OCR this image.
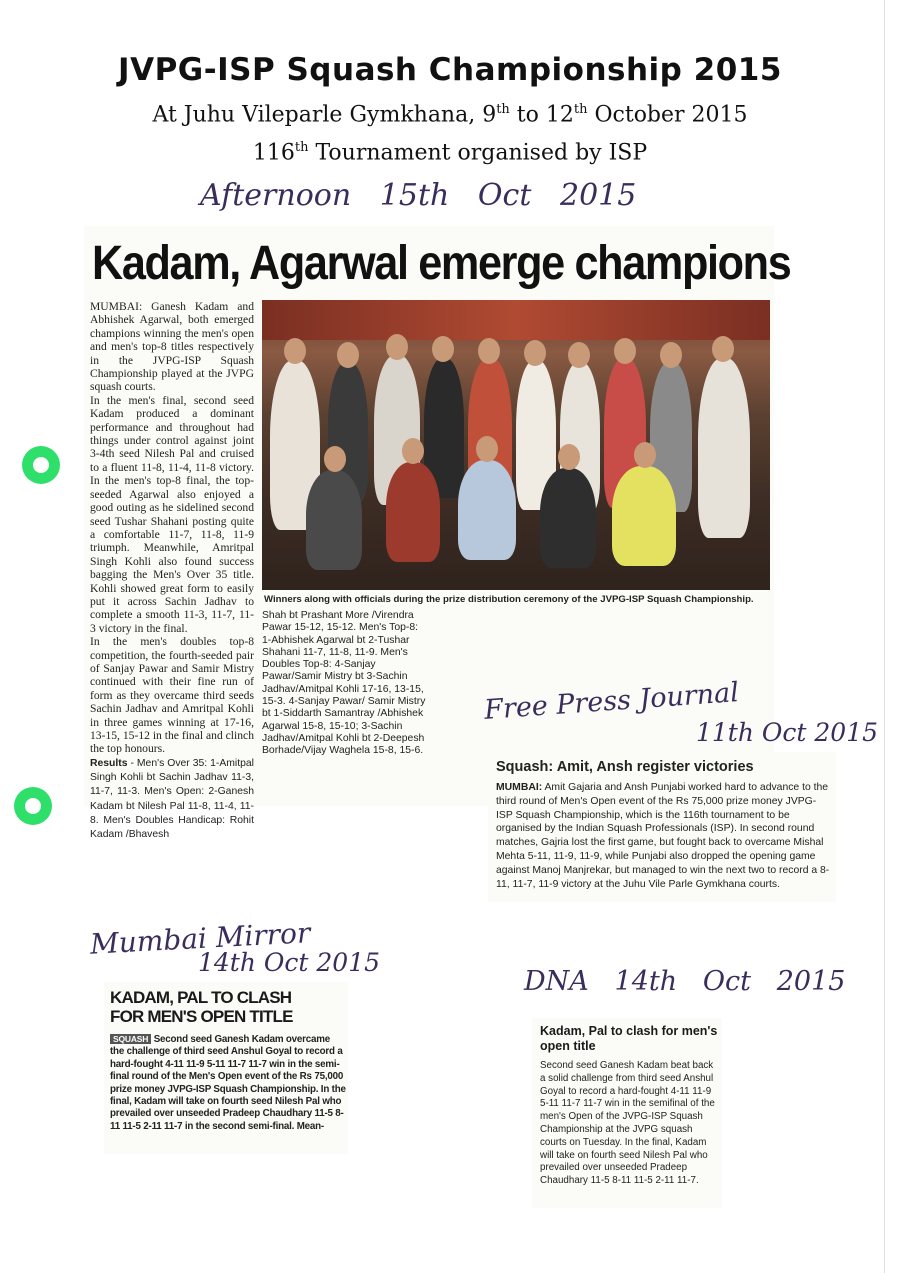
JVPG-ISP Squash Championship 2015
At Juhu Vileparle Gymkhana, 9th to 12th October 2015
116th Tournament organised by ISP
Afternoon   15th   Oct   2015
Kadam, Agarwal emerge champions
MUMBAI: Ganesh Kadam and Abhishek Agarwal, both emerged champions winning the men's open and men's top-8 titles respectively in the JVPG-ISP Squash Championship played at the JVPG squash courts.
In the men's final, second seed Kadam produced a dominant performance and throughout had things under control against joint 3-4th seed Nilesh Pal and cruised to a fluent 11-8, 11-4, 11-8 victory. In the men's top-8 final, the top-seeded Agarwal also enjoyed a good outing as he sidelined second seed Tushar Shahani posting quite a comfortable 11-7, 11-8, 11-9 triumph. Meanwhile, Amritpal Singh Kohli also found success bagging the Men's Over 35 title. Kohli showed great form to easily put it across Sachin Jadhav to complete a smooth 11-3, 11-7, 11-3 victory in the final.
In the men's doubles top-8 competition, the fourth-seeded pair of Sanjay Pawar and Samir Mistry continued with their fine run of form as they overcame third seeds Sachin Jadhav and Amritpal Kohli in three games winning at 17-16, 13-15, 15-12 in the final and clinch the top honours.
Results - Men's Over 35: 1-Amitpal Singh Kohli bt Sachin Jadhav 11-3, 11-7, 11-3. Men's Open: 2-Ganesh Kadam bt Nilesh Pal 11-8, 11-4, 11-8. Men's Doubles Handicap: Rohit Kadam /Bhavesh
Winners along with officials during the prize distribution ceremony of the JVPG-ISP Squash Championship.
Shah bt Prashant More /Virendra Pawar 15-12, 15-12. Men's Top-8: 1-Abhishek Agarwal bt 2-Tushar Shahani 11-7, 11-8, 11-9. Men's Doubles Top-8: 4-Sanjay Pawar/Samir Mistry bt 3-Sachin Jadhav/Amitpal Kohli 17-16, 13-15, 15-3. 4-Sanjay Pawar/ Samir Mistry bt 1-Siddarth Samantray /Abhishek Agarwal 15-8, 15-10; 3-Sachin Jadhav/Amitpal Kohli bt 2-Deepesh Borhade/Vijay Waghela 15-8, 15-6.
Free Press Journal
11th Oct 2015
Squash: Amit, Ansh register victories
MUMBAI: Amit Gajaria and Ansh Punjabi worked hard to advance to the third round of Men's Open event of the Rs 75,000 prize money JVPG-ISP Squash Championship, which is the 116th tournament to be organised by the Indian Squash Professionals (ISP). In second round matches, Gajria lost the first game, but fought back to overcame Mishal Mehta 5-11, 11-9, 11-9, while Punjabi also dropped the opening game against Manoj Manjrekar, but managed to win the next two to record a 8-11, 11-7, 11-9 victory at the Juhu Vile Parle Gymkhana courts.
Mumbai Mirror
14th Oct 2015
KADAM, PAL TO CLASH
FOR MEN'S OPEN TITLE
SQUASH Second seed Ganesh Kadam overcame the challenge of third seed Anshul Goyal to record a hard-fought 4-11 11-9 5-11 11-7 11-7 win in the semi-final round of the Men's Open event of the Rs 75,000 prize money JVPG-ISP Squash Championship. In the final, Kadam will take on fourth seed Nilesh Pal who prevailed over unseeded Pradeep Chaudhary 11-5 8-11 11-5 2-11 11-7 in the second semi-final. Mean-
DNA   14th   Oct   2015
Kadam, Pal to clash for men's open title
Second seed Ganesh Kadam beat back a solid challenge from third seed Anshul Goyal to record a hard-fought 4-11 11-9 5-11 11-7 11-7 win in the semifinal of the men's Open of the JVPG-ISP Squash Championship at the JVPG squash courts on Tuesday. In the final, Kadam will take on fourth seed Nilesh Pal who prevailed over unseeded Pradeep Chaudhary 11-5 8-11 11-5 2-11 11-7.
